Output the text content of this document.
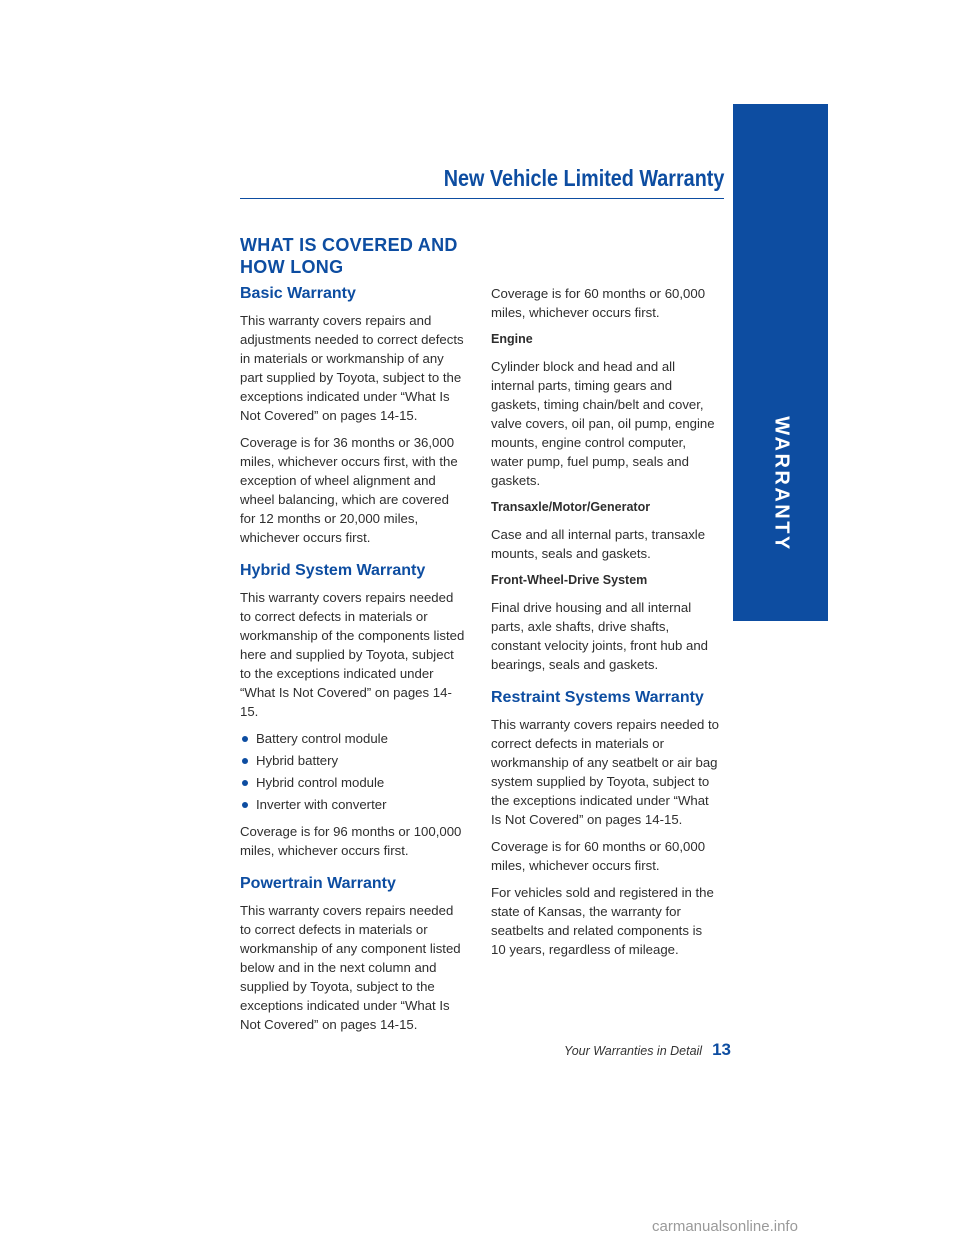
WARRANTY
New Vehicle Limited Warranty
WHAT IS COVERED AND
HOW LONG
Basic Warranty

This warranty covers repairs and adjustments needed to correct defects in materials or workmanship of any part supplied by Toyota, subject to the exceptions indicated under “What Is Not Covered” on pages 14-15.

Coverage is for 36 months or 36,000 miles, whichever occurs first, with the exception of wheel alignment and wheel balancing, which are covered for 12 months or 20,000 miles, whichever occurs first.

Hybrid System Warranty

This warranty covers repairs needed to correct defects in materials or workmanship of the components listed here and supplied by Toyota, subject to the exceptions indicated under “What Is Not Covered” on pages 14-15.

Battery control module
Hybrid battery
Hybrid control module
Inverter with converter

Coverage is for 96 months or 100,000 miles, whichever occurs first.

Powertrain Warranty

This warranty covers repairs needed to correct defects in materials or workmanship of any component listed below and in the next column and supplied by Toyota, subject to the exceptions indicated under “What Is Not Covered” on pages 14-15.

Coverage is for 60 months or 60,000 miles, whichever occurs first.

Engine

Cylinder block and head and all internal parts, timing gears and gaskets, timing chain/belt and cover, valve covers, oil pan, oil pump, engine mounts, engine control computer, water pump, fuel pump, seals and gaskets.

Transaxle/Motor/Generator

Case and all internal parts, transaxle mounts, seals and gaskets.

Front-Wheel-Drive System

Final drive housing and all internal parts, axle shafts, drive shafts, constant velocity joints, front hub and bearings, seals and gaskets.

Restraint Systems Warranty

This warranty covers repairs needed to correct defects in materials or workmanship of any seatbelt or air bag system supplied by Toyota, subject to the exceptions indicated under “What Is Not Covered” on pages 14-15.

Coverage is for 60 months or 60,000 miles, whichever occurs first.

For vehicles sold and registered in the state of Kansas, the warranty for seatbelts and related components is 10 years, regardless of mileage.

Your Warranties in Detail 13
carmanualsonline.info
